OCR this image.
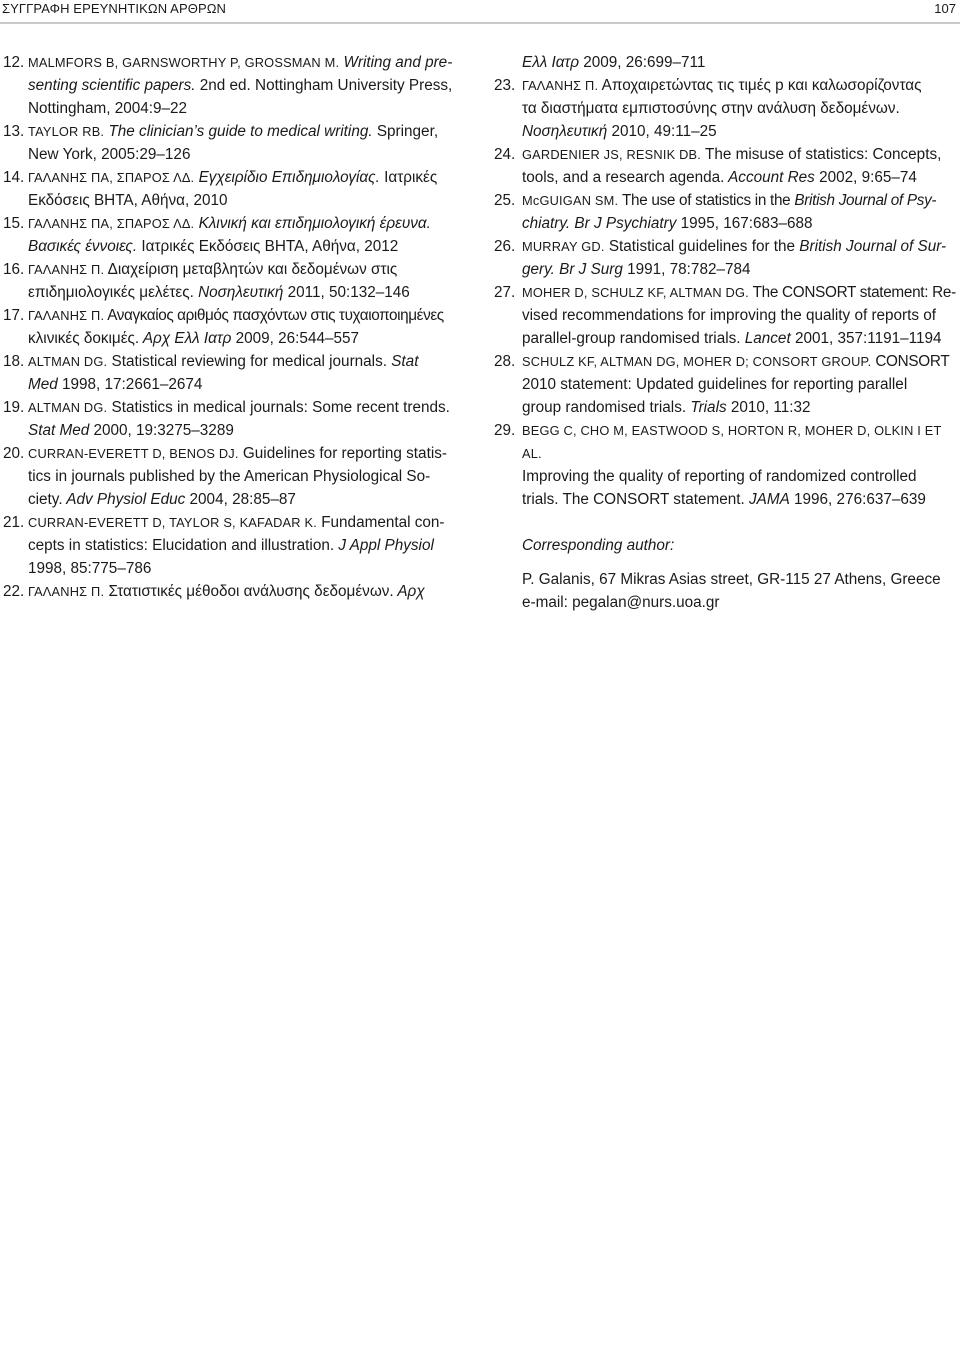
ΣΥΓΓΡΑΦΗ ΕΡΕΥΝΗΤΙΚΩΝ ΑΡΘΡΩΝ	107
12. MALMFORS B, GARNSWORTHY P, GROSSMAN M. Writing and pre-
senting scientific papers. 2nd ed. Nottingham University Press,
Nottingham, 2004:9–22
13. TAYLOR RB. The clinician’s guide to medical writing. Springer,
New York, 2005:29–126
14. ΓΑΛΑΝΗΣ ΠΑ, ΣΠΑΡΟΣ ΛΔ. Εγχειρίδιο Επιδημιολογίας. Ιατρικές
Εκδόσεις ΒΗΤΑ, Αθήνα, 2010
15. ΓΑΛΑΝΗΣ ΠΑ, ΣΠΑΡΟΣ ΛΔ. Κλινική και επιδημιολογική έρευνα.
Βασικές έννοιες. Ιατρικές Εκδόσεις ΒΗΤΑ, Αθήνα, 2012
16. ΓΑΛΑΝΗΣ Π. Διαχείριση μεταβλητών και δεδομένων στις
επιδημιολογικές μελέτες. Νοσηλευτική 2011, 50:132–146
17. ΓΑΛΑΝΗΣ Π. Αναγκαίος αριθμός πασχόντων στις τυχαιοποιημένες
κλινικές δοκιμές. Αρχ Ελλ Ιατρ 2009, 26:544–557
18. ALTMAN DG. Statistical reviewing for medical journals. Stat
Med 1998, 17:2661–2674
19. ALTMAN DG. Statistics in medical journals: Some recent trends.
Stat Med 2000, 19:3275–3289
20. CURRAN-EVERETT D, BENOS DJ. Guidelines for reporting statis-
tics in journals published by the American Physiological So-
ciety. Adv Physiol Educ 2004, 28:85–87
21. CURRAN-EVERETT D, TAYLOR S, KAFADAR K. Fundamental con-
cepts in statistics: Elucidation and illustration. J Appl Physiol
1998, 85:775–786
22. ΓΑΛΑΝΗΣ Π. Στατιστικές μέθοδοι ανάλυσης δεδομένων. Αρχ
Ελλ Ιατρ 2009, 26:699–711
23. ΓΑΛΑΝΗΣ Π. Αποχαιρετώντας τις τιμές p και καλωσορίζοντας
τα διαστήματα εμπιστοσύνης στην ανάλυση δεδομένων.
Νοσηλευτική 2010, 49:11–25
24. GARDENIER JS, RESNIK DB. The misuse of statistics: Concepts,
tools, and a research agenda. Account Res 2002, 9:65–74
25. McGUIGAN SM. The use of statistics in the British Journal of Psy-
chiatry. Br J Psychiatry 1995, 167:683–688
26. MURRAY GD. Statistical guidelines for the British Journal of Sur-
gery. Br J Surg 1991, 78:782–784
27. MOHER D, SCHULZ KF, ALTMAN DG. The CONSORT statement: Re-
vised recommendations for improving the quality of reports of
parallel-group randomised trials. Lancet 2001, 357:1191–1194
28. SCHULZ KF, ALTMAN DG, MOHER D; CONSORT GROUP. CONSORT
2010 statement: Updated guidelines for reporting parallel
group randomised trials. Trials 2010, 11:32
29. BEGG C, CHO M, EASTWOOD S, HORTON R, MOHER D, OLKIN I ET AL.
Improving the quality of reporting of randomized controlled
trials. The CONSORT statement. JAMA 1996, 276:637–639
Corresponding author:
P. Galanis, 67 Mikras Asias street, GR-115 27 Athens, Greece
e-mail: pegalan@nurs.uoa.gr
